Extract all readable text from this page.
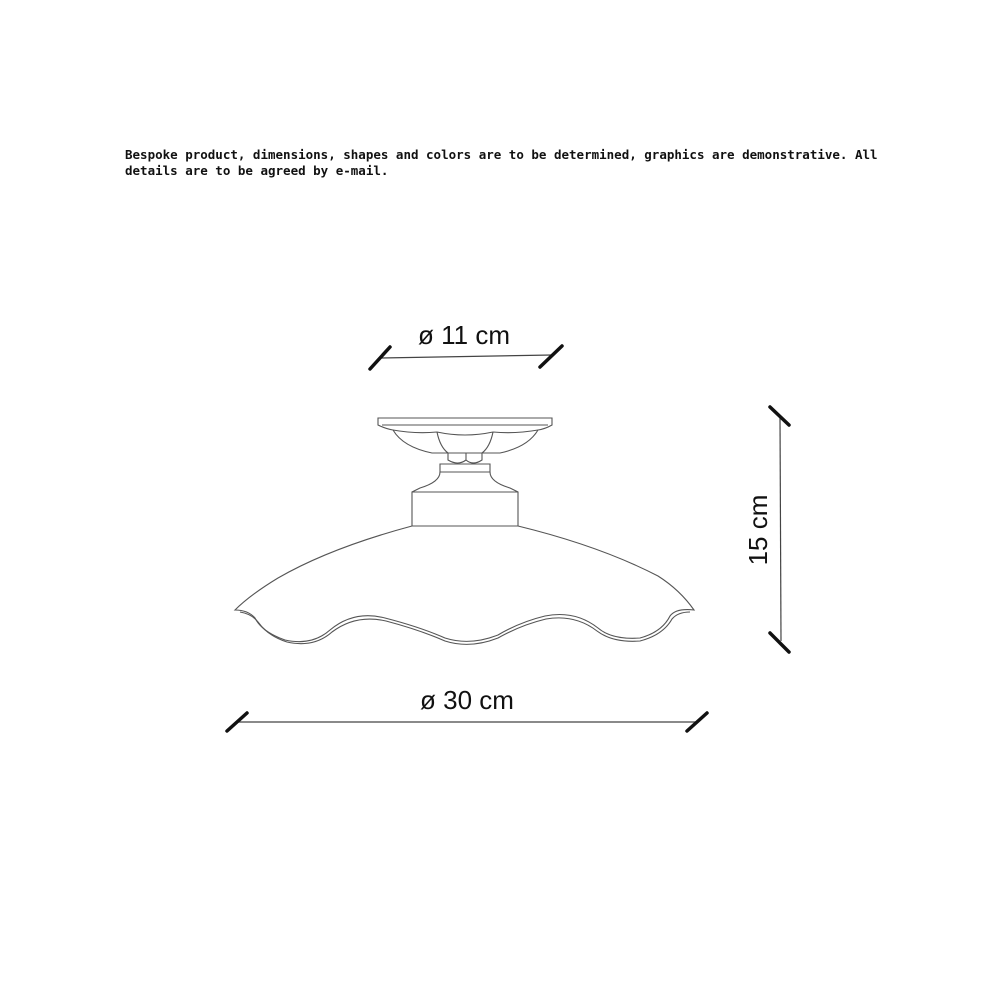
Bespoke product, dimensions, shapes and colors are to be determined, graphics are demonstrative. All details are to be agreed by e-mail.
ø 11 cm
15 cm
ø 30 cm
